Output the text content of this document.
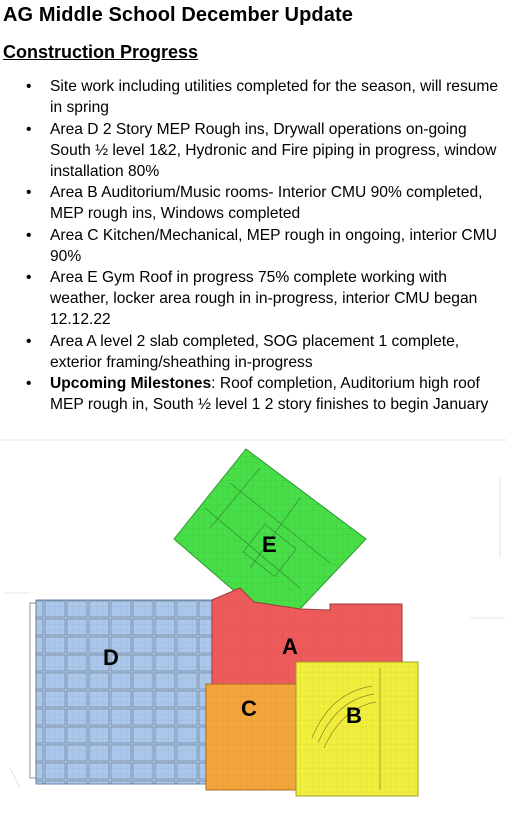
AG Middle School December Update
Construction Progress
• Site work including utilities completed for the season, will resume in spring
• Area D 2 Story MEP Rough ins, Drywall operations on-going South ½ level 1&2, Hydronic and Fire piping in progress, window installation 80%
• Area B Auditorium/Music rooms- Interior CMU 90% completed, MEP rough ins, Windows completed
• Area C Kitchen/Mechanical, MEP rough in ongoing, interior CMU 90%
• Area E Gym Roof in progress 75% complete working with weather, locker area rough in in-progress, interior CMU began 12.12.22
• Area A level 2 slab completed, SOG placement 1 complete, exterior framing/sheathing in-progress
• Upcoming Milestones: Roof completion, Auditorium high roof MEP rough in, South ½ level 1 2 story finishes to begin January
E
A
D
C	B
